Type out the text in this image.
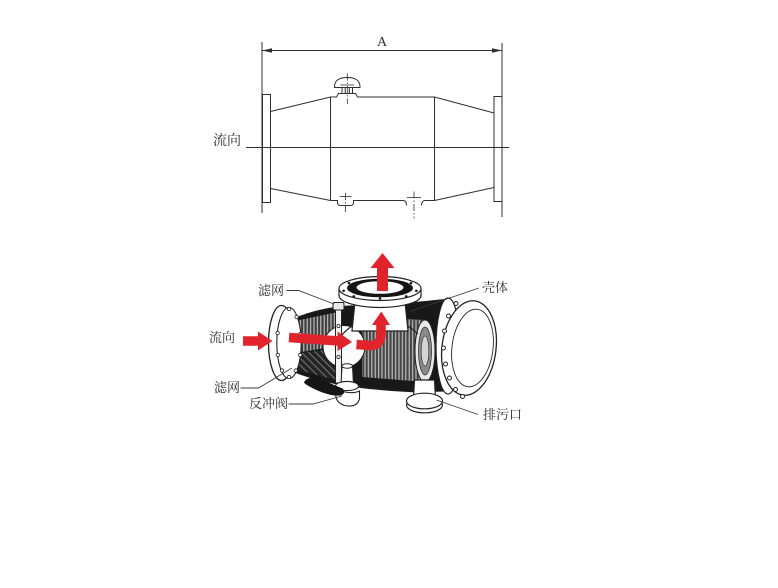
A
流向
滤网	壳体
流向
滤网
反冲阀
排污口
